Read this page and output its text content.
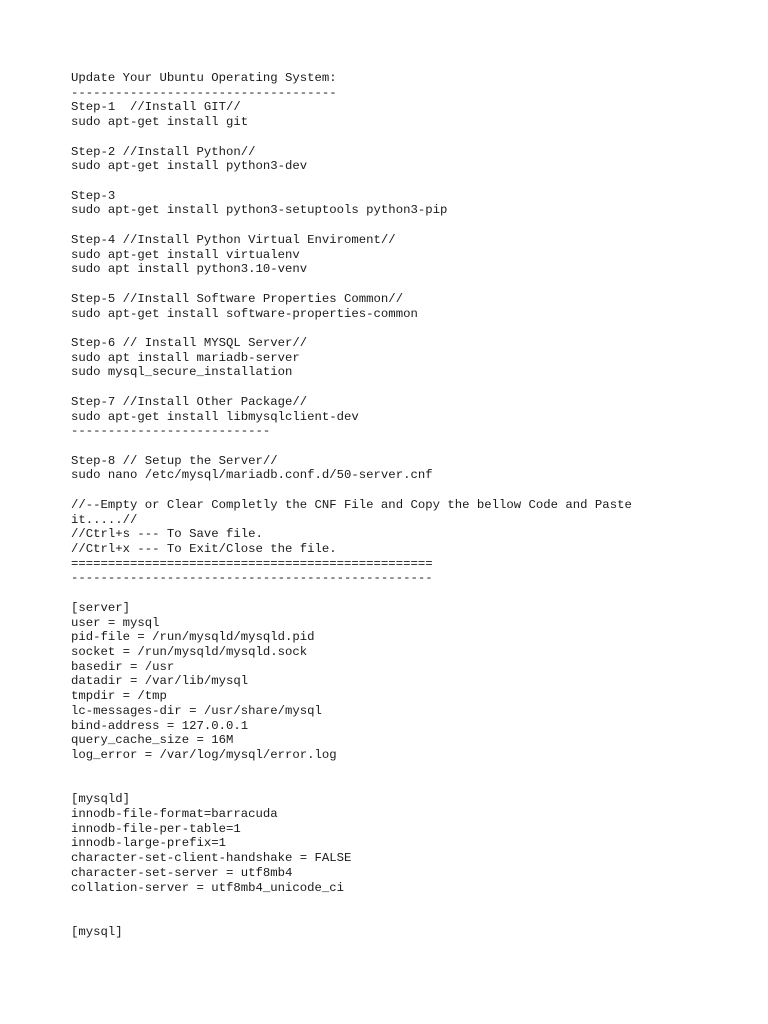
Update Your Ubuntu Operating System:
------------------------------------
Step-1  //Install GIT//
sudo apt-get install git
Step-2 //Install Python//
sudo apt-get install python3-dev
Step-3
sudo apt-get install python3-setuptools python3-pip
Step-4 //Install Python Virtual Enviroment//
sudo apt-get install virtualenv
sudo apt install python3.10-venv
Step-5 //Install Software Properties Common//
sudo apt-get install software-properties-common
Step-6 // Install MYSQL Server//
sudo apt install mariadb-server
sudo mysql_secure_installation
Step-7 //Install Other Package//
sudo apt-get install libmysqlclient-dev
---------------------------
Step-8 // Setup the Server//
sudo nano /etc/mysql/mariadb.conf.d/50-server.cnf
//--Empty or Clear Completly the CNF File and Copy the bellow Code and Paste
it.....//
//Ctrl+s --- To Save file.
//Ctrl+x --- To Exit/Close the file.
=================================================
-------------------------------------------------
[server]
user = mysql
pid-file = /run/mysqld/mysqld.pid
socket = /run/mysqld/mysqld.sock
basedir = /usr
datadir = /var/lib/mysql
tmpdir = /tmp
lc-messages-dir = /usr/share/mysql
bind-address = 127.0.0.1
query_cache_size = 16M
log_error = /var/log/mysql/error.log
[mysqld]
innodb-file-format=barracuda
innodb-file-per-table=1
innodb-large-prefix=1
character-set-client-handshake = FALSE
character-set-server = utf8mb4
collation-server = utf8mb4_unicode_ci
[mysql]
